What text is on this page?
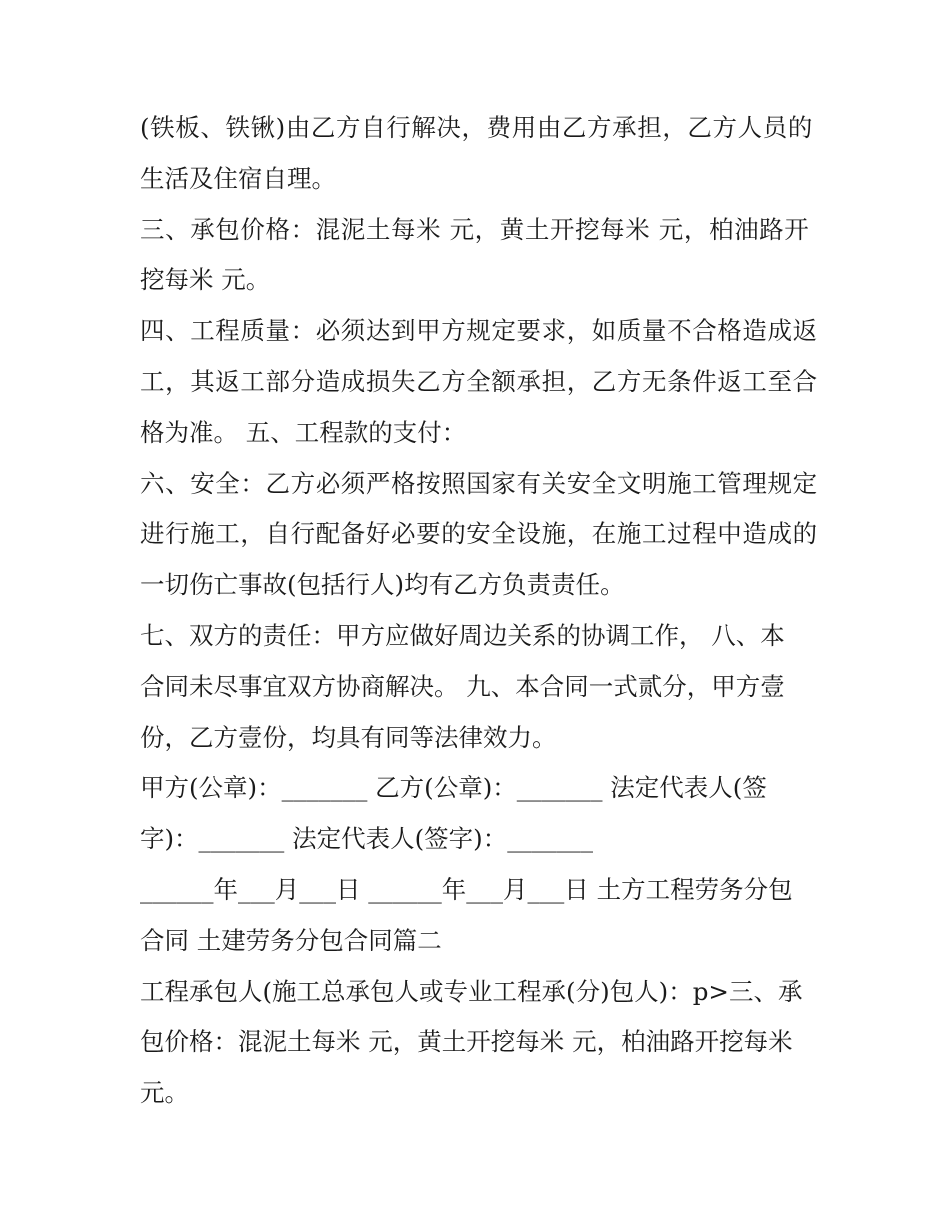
(铁板、铁锹)由乙方自行解决，费用由乙方承担，乙方人员的
生活及住宿自理。
三、承包价格：混泥土每米 元，黄土开挖每米 元，柏油路开
挖每米 元。
四、工程质量：必须达到甲方规定要求，如质量不合格造成返
工，其返工部分造成损失乙方全额承担，乙方无条件返工至合
格为准。 五、工程款的支付：
六、安全：乙方必须严格按照国家有关安全文明施工管理规定
进行施工，自行配备好必要的安全设施，在施工过程中造成的
一切伤亡事故(包括行人)均有乙方负责责任。
七、双方的责任：甲方应做好周边关系的协调工作， 八、本
合同未尽事宜双方协商解决。 九、本合同一式贰分，甲方壹
份，乙方壹份，均具有同等法律效力。
甲方(公章)：_______ 乙方(公章)：_______ 法定代表人(签
字)：_______ 法定代表人(签字)：_______
______年___月___日 ______年___月___日 土方工程劳务分包
合同 土建劳务分包合同篇二
工程承包人(施工总承包人或专业工程承(分)包人)：p>三、承
包价格：混泥土每米 元，黄土开挖每米 元，柏油路开挖每米
元。
